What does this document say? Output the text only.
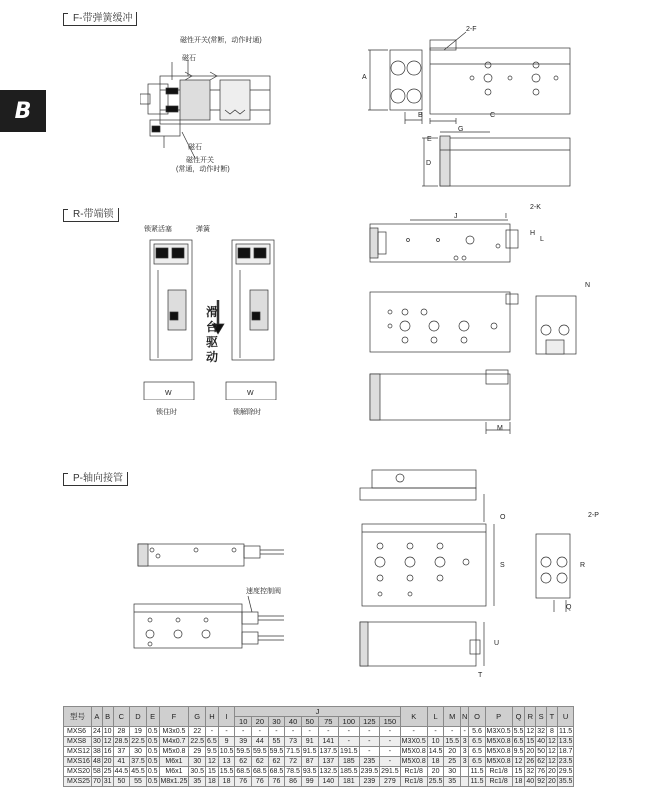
B
F-带弹簧缓冲
磁性开关(常断，动作时通)
磁石
磁石
磁性开关
(常通，动作时断)
2-F
A
B	C
G
E
D
R-带端锁
锁紧活塞	弹簧
滑
台
驱
动
W	W
锁住时	锁解除时
J	I
2-K
H
L
N
M
P-轴向接管
速度控制阀
O	2-P
S	R
Q
U
T
型号	A	B	C	D	E	F	G	H	I	J									K	L	M	N	O	P	Q	R	S	T	U
										10	20	30	40	50	75	100	125	150											
MXS6	24	10	28	19	0.5	M3x0.5	22	-	-	-	-	-	-	-	-	-	-	-	-	-	-	-	5.6	M3X0.5	5.5	12	32	8	11.5
MXS8	30	12	28.5	22.5	0.5	M4x0.7	22.5	6.5	9	39	44	55	73	91	141	-	-	-	M3X0.5	10	15.5	3	6.5	M5X0.8	6.5	15	40	12	13.5
MXS12	38	16	37	30	0.5	M5x0.8	29	9.5	10.5	59.5	59.5	59.5	71.5	91.5	137.5	191.5	-	-	M5X0.8	14.5	20	3	6.5	M5X0.8	9.5	20	50	12	18.7
MXS16	48	20	41	37.5	0.5	M6x1	30	12	13	62	62	62	72	87	137	185	235	-	M5X0.8	18	25	3	6.5	M5X0.8	12	26	62	12	23.5
MXS20	58	25	44.5	45.5	0.5	M6x1	30.5	15	15.5	68.5	68.5	68.5	78.5	93.5	132.5	185.5	239.5	291.5	Rc1/8	20	30		11.5	Rc1/8	15	32	76	20	29.5
MXS25	70	31	50	55	0.5	M8x1.25	35	18	18	76	76	76	86	99	140	181	239	279	Rc1/8	25.5	35		11.5	Rc1/8	18	40	92	20	35.5
